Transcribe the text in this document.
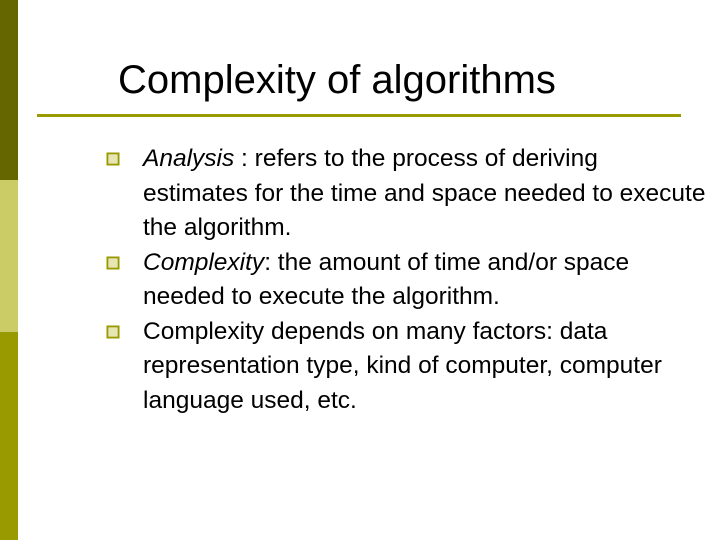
Complexity of algorithms
Analysis : refers to the process of deriving estimates for the time and space needed to execute the algorithm.
Complexity: the amount of time and/or space needed to execute the algorithm.
Complexity depends on many factors: data representation type, kind of computer, computer language used, etc.
